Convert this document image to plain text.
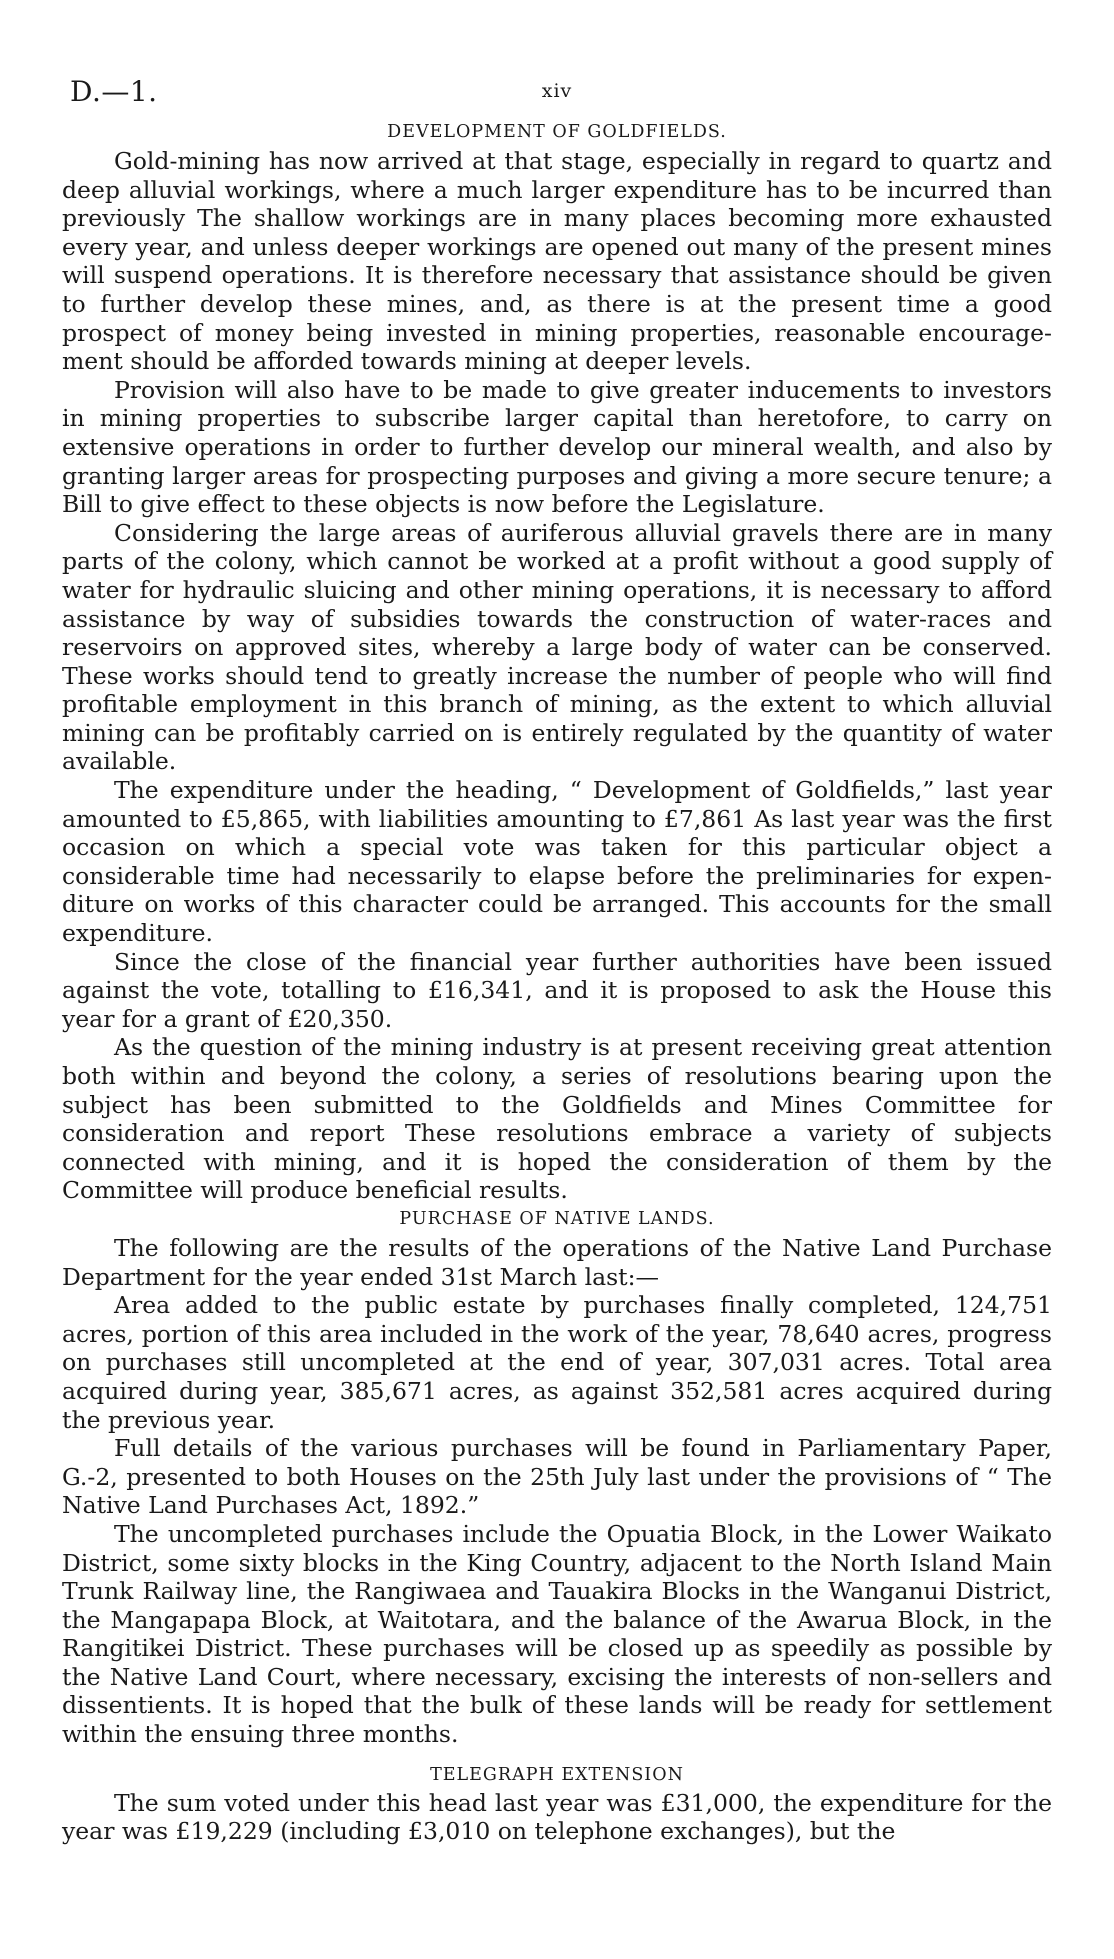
D.—1.	xiv
DEVELOPMENT OF GOLDFIELDS.

Gold-mining has now arrived at that stage, especially in regard to quartz and deep alluvial workings, where a much larger expenditure has to be incurred than previously The shallow workings are in many places becoming more exhausted every year, and unless deeper workings are opened out many of the present mines will suspend operations. It is therefore necessary that assistance should be given to further develop these mines, and, as there is at the present time a good prospect of money being invested in mining properties, reasonable encouragement should be afforded towards mining at deeper levels.

Provision will also have to be made to give greater inducements to investors in mining properties to subscribe larger capital than heretofore, to carry on extensive operations in order to further develop our mineral wealth, and also by granting larger areas for prospecting purposes and giving a more secure tenure; a Bill to give effect to these objects is now before the Legislature.

Considering the large areas of auriferous alluvial gravels there are in many parts of the colony, which cannot be worked at a profit without a good supply of water for hydraulic sluicing and other mining operations, it is necessary to afford assistance by way of subsidies towards the construction of water-races and reservoirs on approved sites, whereby a large body of water can be conserved. These works should tend to greatly increase the number of people who will find profitable employment in this branch of mining, as the extent to which alluvial mining can be profitably carried on is entirely regulated by the quantity of water available.

The expenditure under the heading, “ Development of Goldfields,” last year amounted to £5,865, with liabilities amounting to £7,861 As last year was the first occasion on which a special vote was taken for this particular object a considerable time had necessarily to elapse before the preliminaries for expenditure on works of this character could be arranged. This accounts for the small expenditure.

Since the close of the financial year further authorities have been issued against the vote, totalling to £16,341, and it is proposed to ask the House this year for a grant of £20,350.

As the question of the mining industry is at present receiving great attention both within and beyond the colony, a series of resolutions bearing upon the subject has been submitted to the Goldfields and Mines Committee for consideration and report These resolutions embrace a variety of subjects connected with mining, and it is hoped the consideration of them by the Committee will produce beneficial results.

PURCHASE OF NATIVE LANDS.

The following are the results of the operations of the Native Land Purchase Department for the year ended 31st March last:—

Area added to the public estate by purchases finally completed, 124,751 acres, portion of this area included in the work of the year, 78,640 acres, progress on purchases still uncompleted at the end of year, 307,031 acres. Total area acquired during year, 385,671 acres, as against 352,581 acres acquired during the previous year.

Full details of the various purchases will be found in Parliamentary Paper, G.-2, presented to both Houses on the 25th July last under the provisions of “ The Native Land Purchases Act, 1892.”

The uncompleted purchases include the Opuatia Block, in the Lower Waikato District, some sixty blocks in the King Country, adjacent to the North Island Main Trunk Railway line, the Rangiwaea and Tauakira Blocks in the Wanganui District, the Mangapapa Block, at Waitotara, and the balance of the Awarua Block, in the Rangitikei District. These purchases will be closed up as speedily as possible by the Native Land Court, where necessary, excising the interests of non-sellers and dissentients. It is hoped that the bulk of these lands will be ready for settlement within the ensuing three months.

TELEGRAPH EXTENSION

The sum voted under this head last year was £31,000, the expenditure for the year was £19,229 (including £3,010 on telephone exchanges), but the
